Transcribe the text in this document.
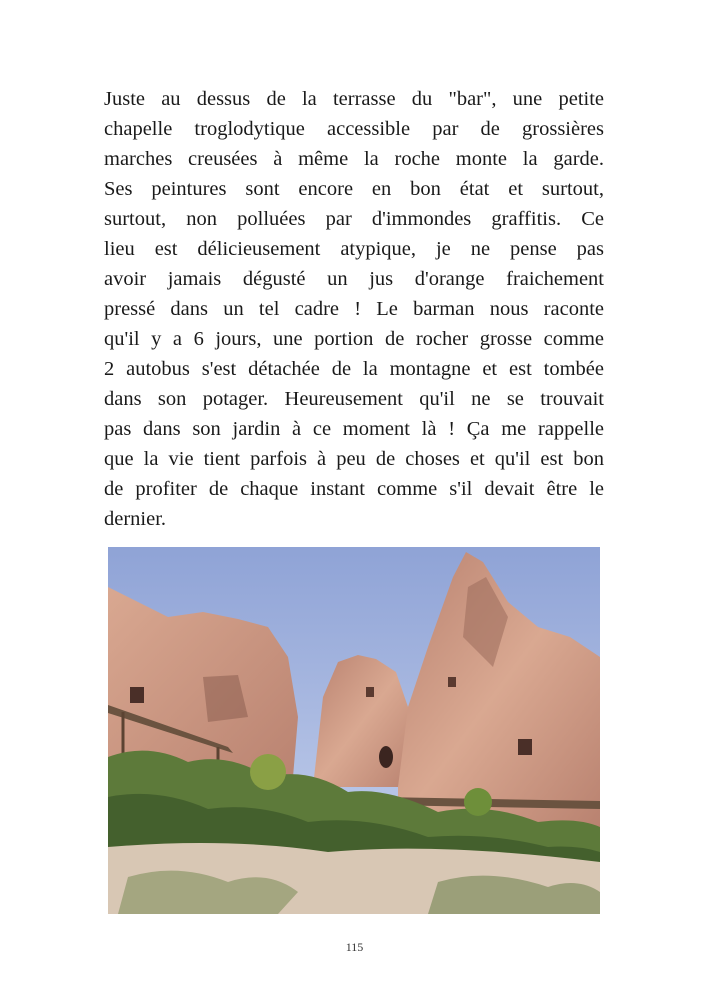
Juste au dessus de la terrasse du "bar", une petite
chapelle troglodytique accessible par de grossières
marches creusées à même la roche monte la garde.
Ses peintures sont encore en bon état et surtout,
surtout, non polluées par d'immondes graffitis. Ce
lieu est délicieusement atypique, je ne pense pas
avoir jamais dégusté un jus d'orange fraichement
pressé dans un tel cadre ! Le barman nous raconte
qu'il y a 6 jours, une portion de rocher grosse comme
2 autobus s'est détachée de la montagne et est tombée
dans son potager. Heureusement qu'il ne se trouvait
pas dans son jardin à ce moment là ! Ça me rappelle
que la vie tient parfois à peu de choses et qu'il est bon
de profiter de chaque instant comme s'il devait être le
dernier.
115
